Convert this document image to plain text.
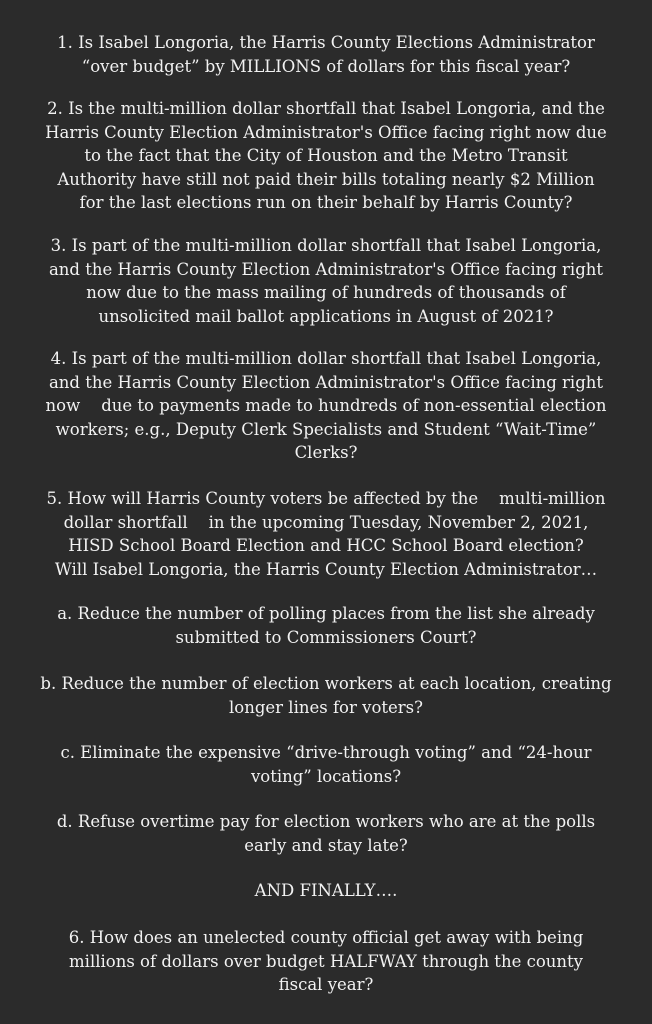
1. Is Isabel Longoria, the Harris County Elections Administrator
“over budget” by MILLIONS of dollars for this fiscal year?

2. Is the multi-million dollar shortfall that Isabel Longoria, and the
Harris County Election Administrator's Office facing right now due
to the fact that the City of Houston and the Metro Transit
Authority have still not paid their bills totaling nearly $2 Million
for the last elections run on their behalf by Harris County?

3. Is part of the multi-million dollar shortfall that Isabel Longoria,
and the Harris County Election Administrator's Office facing right
now due to the mass mailing of hundreds of thousands of
unsolicited mail ballot applications in August of 2021?

4. Is part of the multi-million dollar shortfall that Isabel Longoria,
and the Harris County Election Administrator's Office facing right
now    due to payments made to hundreds of non-essential election
workers; e.g., Deputy Clerk Specialists and Student “Wait-Time”
Clerks?

5. How will Harris County voters be affected by the    multi-million
dollar shortfall    in the upcoming Tuesday, November 2, 2021,
HISD School Board Election and HCC School Board election?
Will Isabel Longoria, the Harris County Election Administrator…

a. Reduce the number of polling places from the list she already
submitted to Commissioners Court?

b. Reduce the number of election workers at each location, creating
longer lines for voters?

c. Eliminate the expensive “drive-through voting” and “24-hour
voting” locations?

d. Refuse overtime pay for election workers who are at the polls
early and stay late?

AND FINALLY….

6. How does an unelected county official get away with being
millions of dollars over budget HALFWAY through the county
fiscal year?
